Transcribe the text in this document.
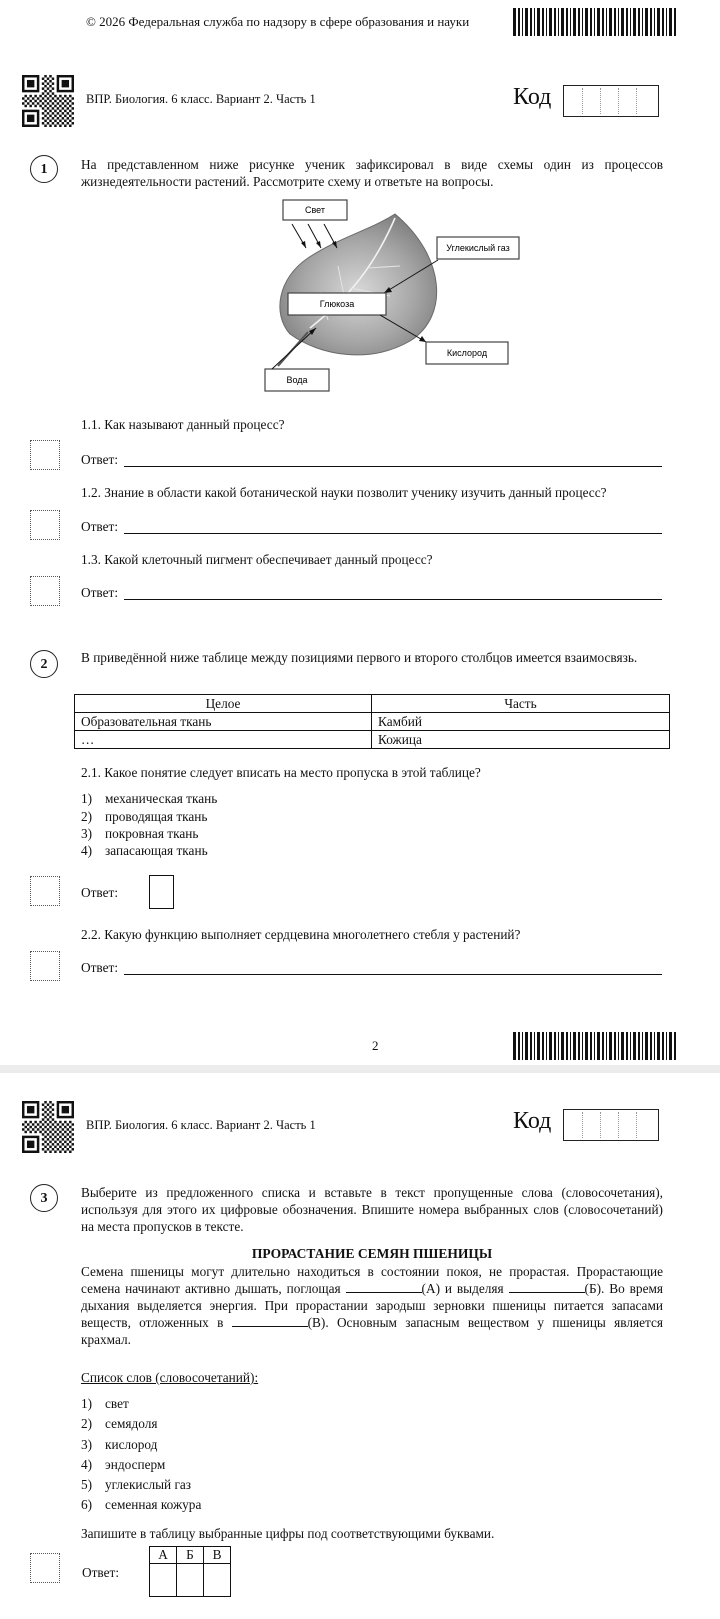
© 2026 Федеральная служба по надзору в сфере образования и науки
ВПР. Биология. 6 класс. Вариант 2. Часть 1	Код
1	На представленном ниже рисунке ученик зафиксировал в виде схемы один из процессов жизнедеятельности растений. Рассмотрите схему и ответьте на вопросы.
Свет
Углекислый газ
Глюкоза
Кислород
Вода
1.1. Как называют данный процесс?
Ответ:
1.2. Знание в области какой ботанической науки позволит ученику изучить данный процесс?
Ответ:
1.3. Какой клеточный пигмент обеспечивает данный процесс?
Ответ:
2	В приведённой ниже таблице между позициями первого и второго столбцов имеется взаимосвязь.
Целое	Часть
Образовательная ткань	Камбий
…	Кожица
2.1. Какое понятие следует вписать на место пропуска в этой таблице?
1) механическая ткань
2) проводящая ткань
3) покровная ткань
4) запасающая ткань
Ответ:
2.2. Какую функцию выполняет сердцевина многолетнего стебля у растений?
Ответ:
2
ВПР. Биология. 6 класс. Вариант 2. Часть 1	Код
3	Выберите из предложенного списка и вставьте в текст пропущенные слова (словосочетания), используя для этого их цифровые обозначения. Впишите номера выбранных слов (словосочетаний) на места пропусков в тексте.
ПРОРАСТАНИЕ СЕМЯН ПШЕНИЦЫ
Семена пшеницы могут длительно находиться в состоянии покоя, не прорастая. Прорастающие семена начинают активно дышать, поглощая	(А) и выделяя	(Б). Во время дыхания выделяется энергия. При прорастании зародыш зерновки пшеницы питается запасами веществ, отложенных в	(В). Основным запасным веществом у пшеницы является крахмал.
Список слов (словосочетаний):
1) свет
2) семядоля
3) кислород
4) эндосперм
5) углекислый газ
6) семенная кожура
Запишите в таблицу выбранные цифры под соответствующими буквами.
Ответ:
А	Б	В
